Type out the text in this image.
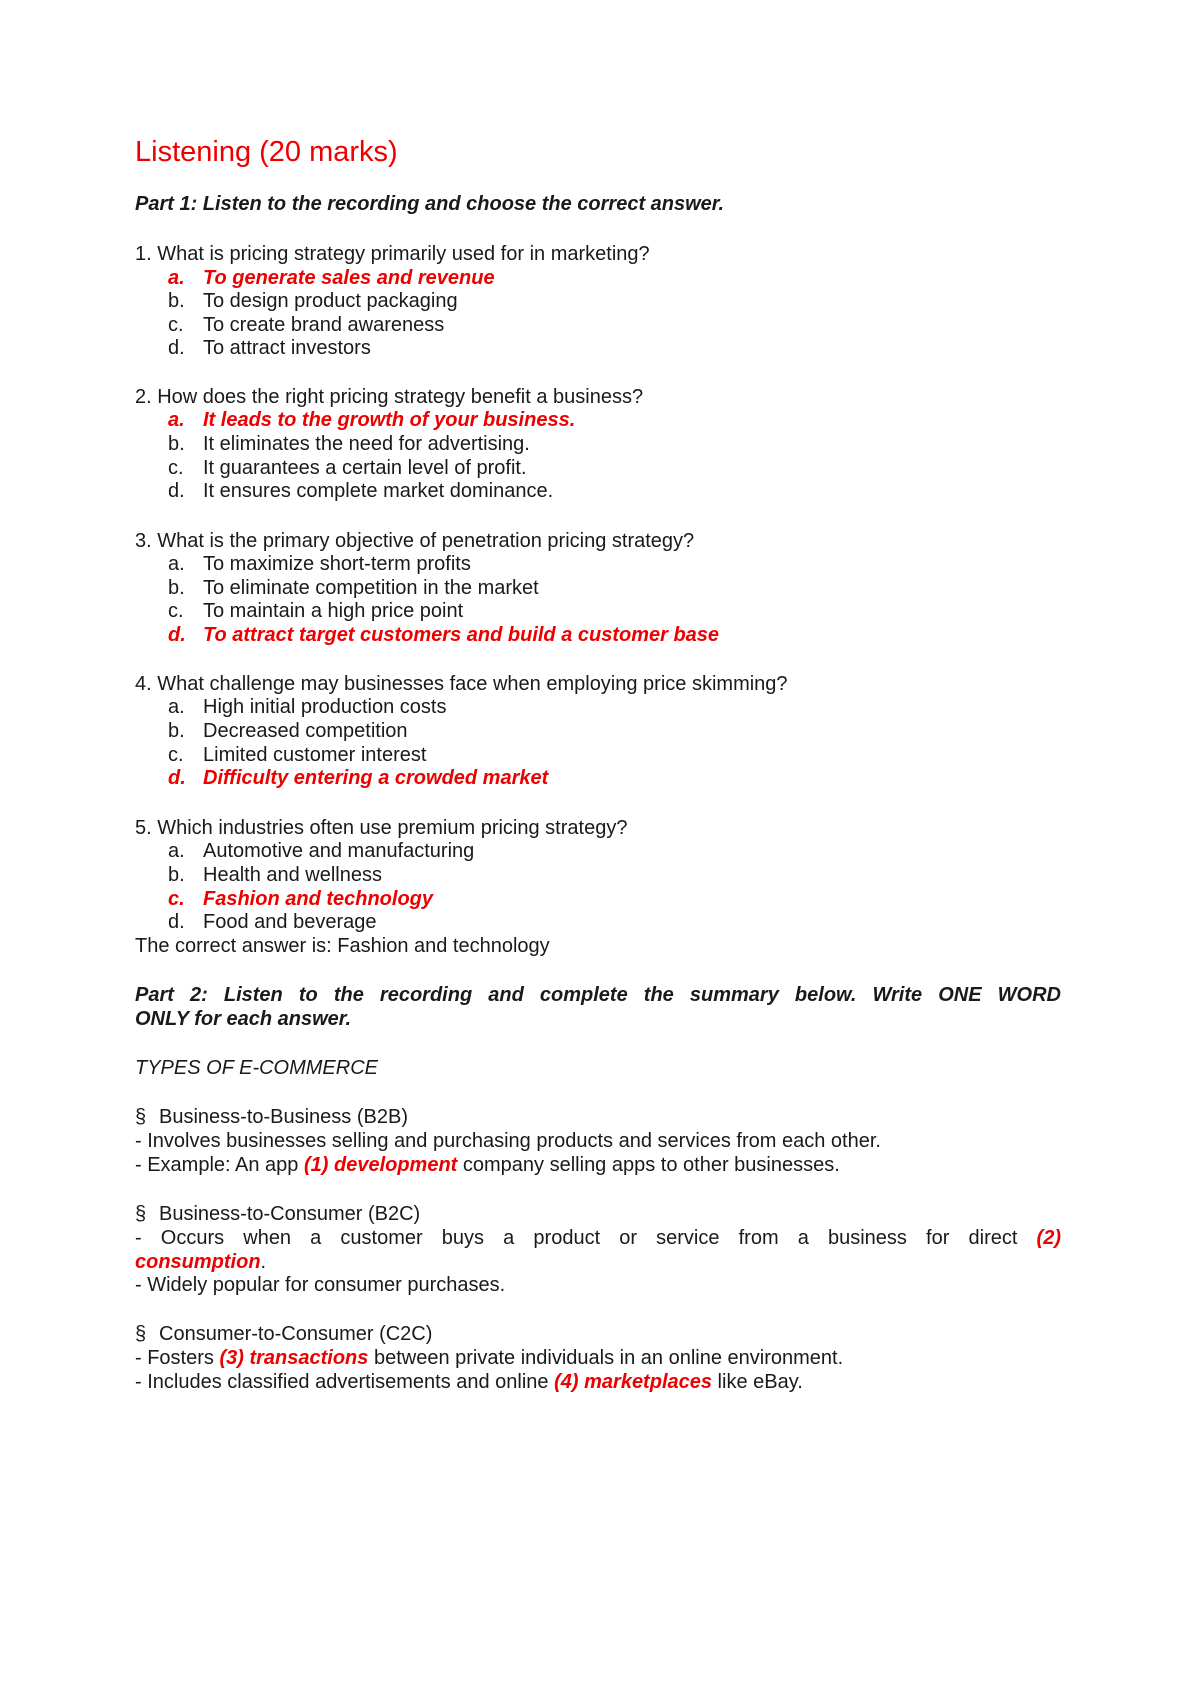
Listening (20 marks)
Part 1: Listen to the recording and choose the correct answer.
1. What is pricing strategy primarily used for in marketing?
a. To generate sales and revenue
b. To design product packaging
c. To create brand awareness
d. To attract investors
2. How does the right pricing strategy benefit a business?
a. It leads to the growth of your business.
b. It eliminates the need for advertising.
c. It guarantees a certain level of profit.
d. It ensures complete market dominance.
3. What is the primary objective of penetration pricing strategy?
a. To maximize short-term profits
b. To eliminate competition in the market
c. To maintain a high price point
d. To attract target customers and build a customer base
4. What challenge may businesses face when employing price skimming?
a. High initial production costs
b. Decreased competition
c. Limited customer interest
d. Difficulty entering a crowded market
5. Which industries often use premium pricing strategy?
a. Automotive and manufacturing
b. Health and wellness
c. Fashion and technology
d. Food and beverage
The correct answer is: Fashion and technology
Part 2: Listen to the recording and complete the summary below. Write ONE WORD
ONLY for each answer.
TYPES OF E-COMMERCE
§ Business-to-Business (B2B)
- Involves businesses selling and purchasing products and services from each other.
- Example: An app (1) development company selling apps to other businesses.
§ Business-to-Consumer (B2C)
- Occurs when a customer buys a product or service from a business for direct (2)
consumption.
- Widely popular for consumer purchases.
§ Consumer-to-Consumer (C2C)
- Fosters (3) transactions between private individuals in an online environment.
- Includes classified advertisements and online (4) marketplaces like eBay.
